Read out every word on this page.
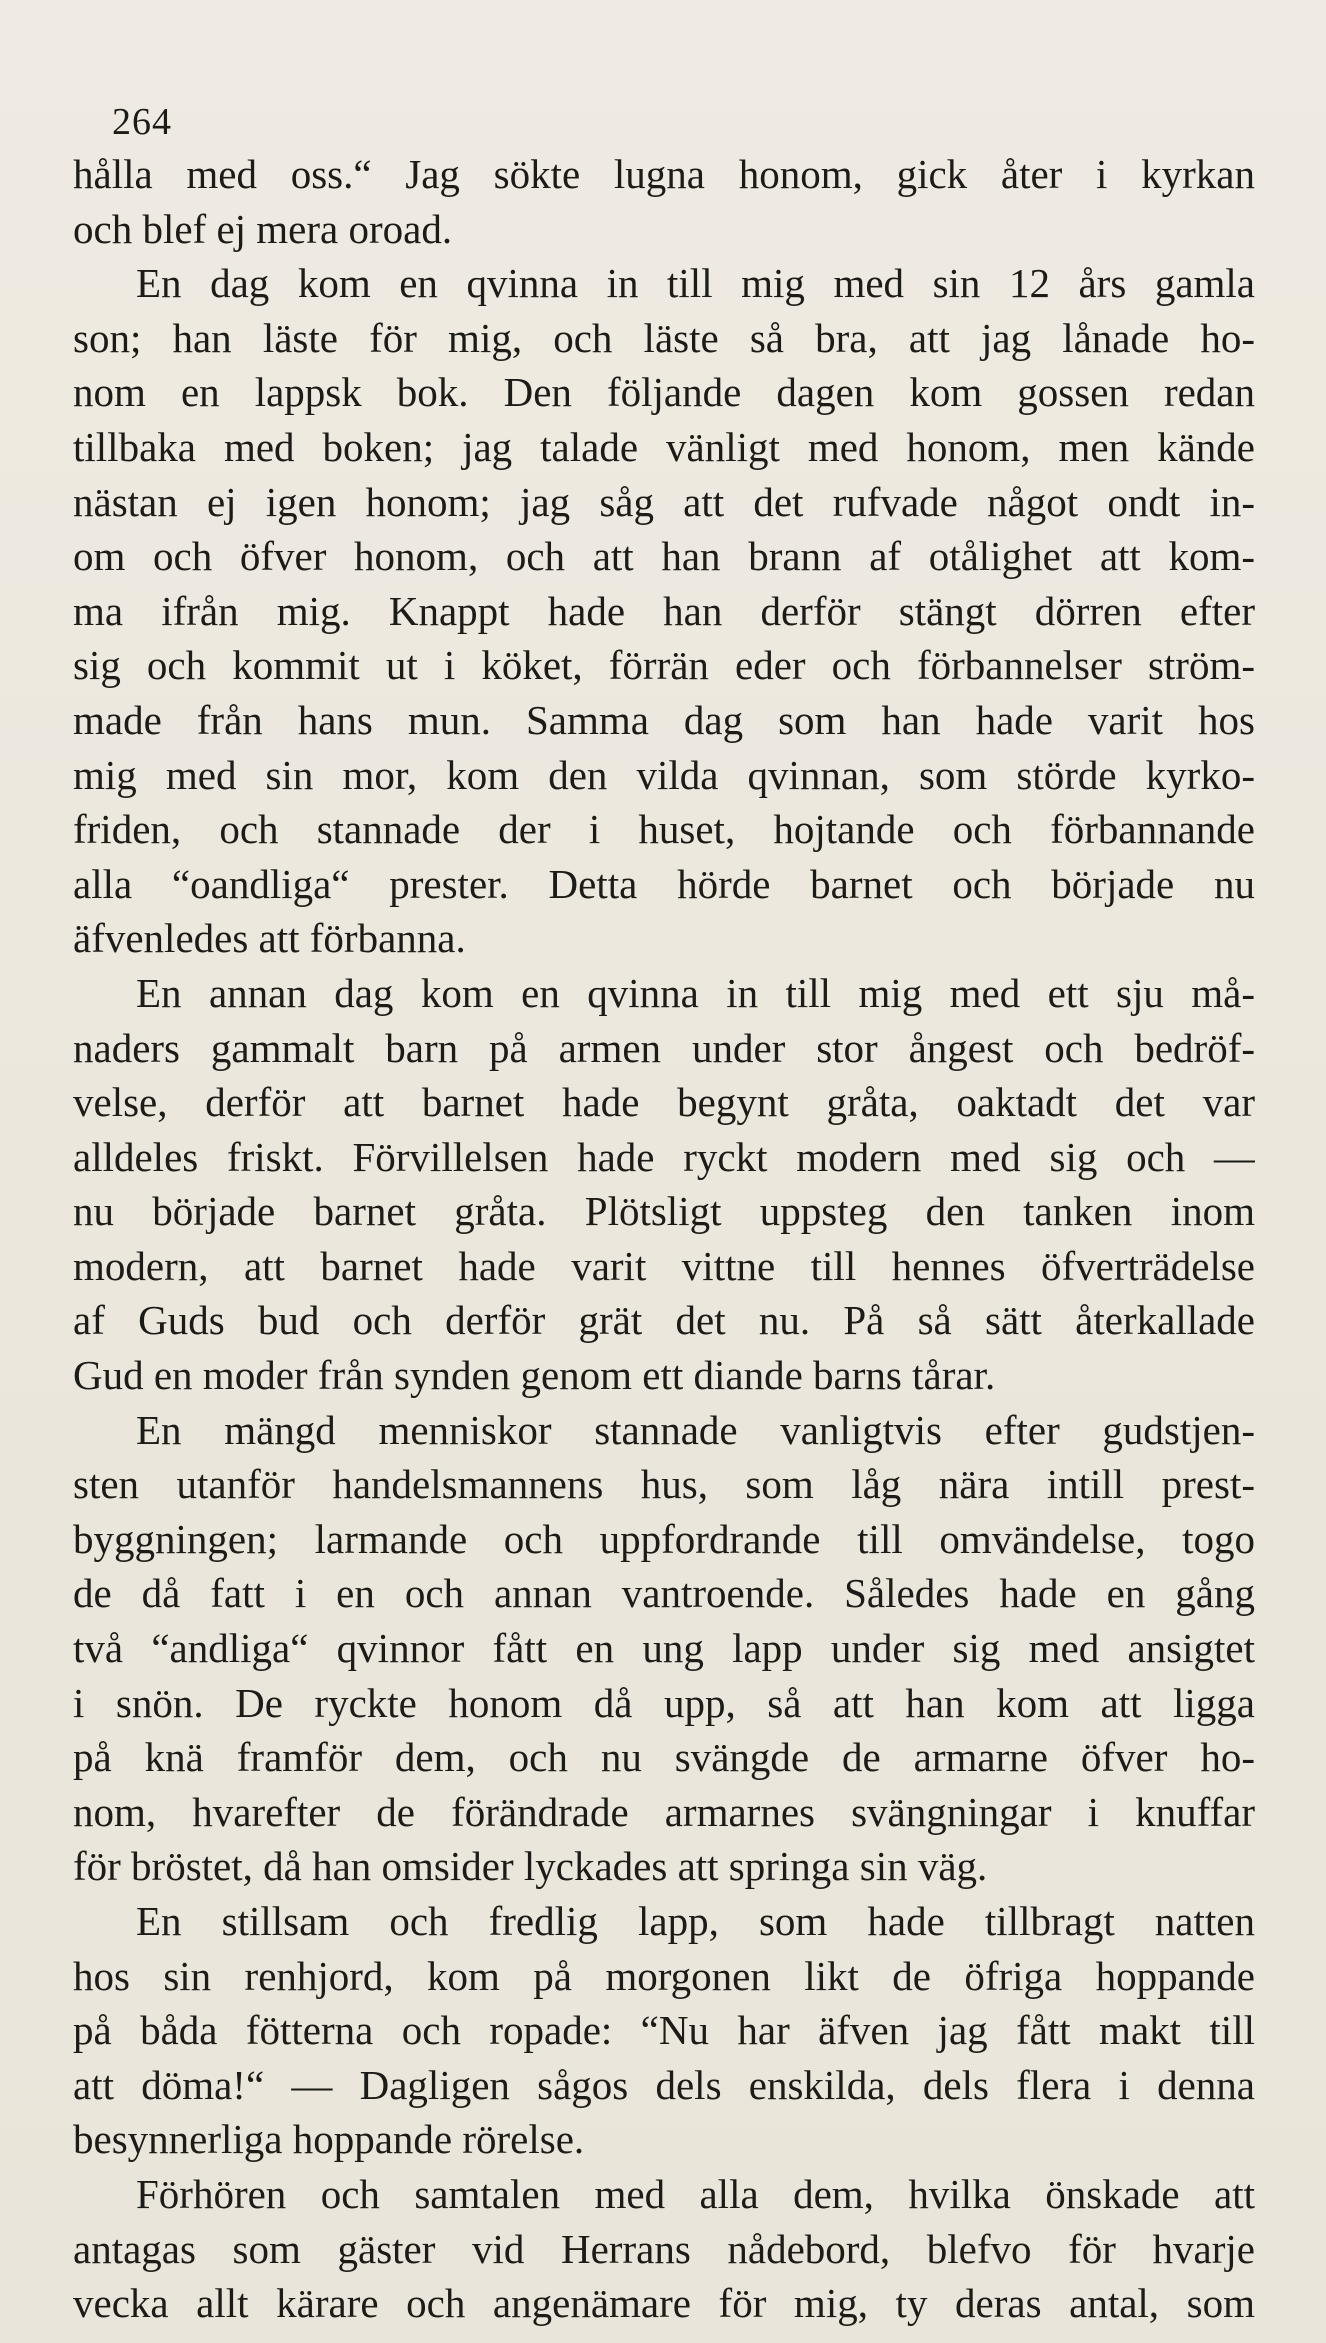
264
hålla med oss.“ Jag sökte lugna honom, gick åter i kyrkan
och blef ej mera oroad.
En dag kom en qvinna in till mig med sin 12 års gamla
son; han läste för mig, och läste så bra, att jag lånade ho-
nom en lappsk bok. Den följande dagen kom gossen redan
tillbaka med boken; jag talade vänligt med honom, men kände
nästan ej igen honom; jag såg att det rufvade något ondt in-
om och öfver honom, och att han brann af otålighet att kom-
ma ifrån mig. Knappt hade han derför stängt dörren efter
sig och kommit ut i köket, förrän eder och förbannelser ström-
made från hans mun. Samma dag som han hade varit hos
mig med sin mor, kom den vilda qvinnan, som störde kyrko-
friden, och stannade der i huset, hojtande och förbannande
alla “oandliga“ prester. Detta hörde barnet och började nu
äfvenledes att förbanna.
En annan dag kom en qvinna in till mig med ett sju må-
naders gammalt barn på armen under stor ångest och bedröf-
velse, derför att barnet hade begynt gråta, oaktadt det var
alldeles friskt. Förvillelsen hade ryckt modern med sig och —
nu började barnet gråta. Plötsligt uppsteg den tanken inom
modern, att barnet hade varit vittne till hennes öfverträdelse
af Guds bud och derför grät det nu. På så sätt återkallade
Gud en moder från synden genom ett diande barns tårar.
En mängd menniskor stannade vanligtvis efter gudstjen-
sten utanför handelsmannens hus, som låg nära intill prest-
byggningen; larmande och uppfordrande till omvändelse, togo
de då fatt i en och annan vantroende. Således hade en gång
två “andliga“ qvinnor fått en ung lapp under sig med ansigtet
i snön. De ryckte honom då upp, så att han kom att ligga
på knä framför dem, och nu svängde de armarne öfver ho-
nom, hvarefter de förändrade armarnes svängningar i knuffar
för bröstet, då han omsider lyckades att springa sin väg.
En stillsam och fredlig lapp, som hade tillbragt natten
hos sin renhjord, kom på morgonen likt de öfriga hoppande
på båda fötterna och ropade: “Nu har äfven jag fått makt till
att döma!“ — Dagligen sågos dels enskilda, dels flera i denna
besynnerliga hoppande rörelse.
Förhören och samtalen med alla dem, hvilka önskade att
antagas som gäster vid Herrans nådebord, blefvo för hvarje
vecka allt kärare och angenämare för mig, ty deras antal, som
